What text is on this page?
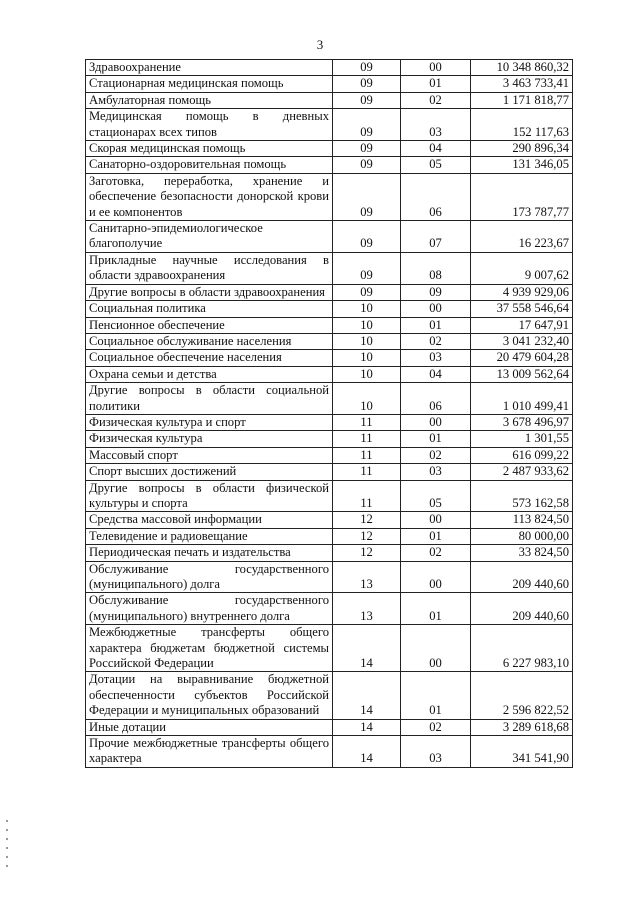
3
Здравоохранение	09	00	10 348 860,32
Стационарная медицинская помощь	09	01	3 463 733,41
Амбулаторная помощь	09	02	1 171 818,77
Медицинская помощь в дневных стационарах всех типов	09	03	152 117,63
Скорая медицинская помощь	09	04	290 896,34
Санаторно-оздоровительная помощь	09	05	131 346,05
Заготовка, переработка, хранение и обеспечение безопасности донорской крови и ее компонентов	09	06	173 787,77
Санитарно-эпидемиологическое благополучие	09	07	16 223,67
Прикладные научные исследования в области здравоохранения	09	08	9 007,62
Другие вопросы в области здравоохранения	09	09	4 939 929,06
Социальная политика	10	00	37 558 546,64
Пенсионное обеспечение	10	01	17 647,91
Социальное обслуживание населения	10	02	3 041 232,40
Социальное обеспечение населения	10	03	20 479 604,28
Охрана семьи и детства	10	04	13 009 562,64
Другие вопросы в области социальной политики	10	06	1 010 499,41
Физическая культура и спорт	11	00	3 678 496,97
Физическая культура	11	01	1 301,55
Массовый спорт	11	02	616 099,22
Спорт высших достижений	11	03	2 487 933,62
Другие вопросы в области физической культуры и спорта	11	05	573 162,58
Средства массовой информации	12	00	113 824,50
Телевидение и радиовещание	12	01	80 000,00
Периодическая печать и издательства	12	02	33 824,50
Обслуживание государственного (муниципального) долга	13	00	209 440,60
Обслуживание государственного (муниципального) внутреннего долга	13	01	209 440,60
Межбюджетные трансферты общего характера бюджетам бюджетной системы Российской Федерации	14	00	6 227 983,10
Дотации на выравнивание бюджетной обеспеченности субъектов Российской Федерации и муниципальных образований	14	01	2 596 822,52
Иные дотации	14	02	3 289 618,68
Прочие межбюджетные трансферты общего характера	14	03	341 541,90
